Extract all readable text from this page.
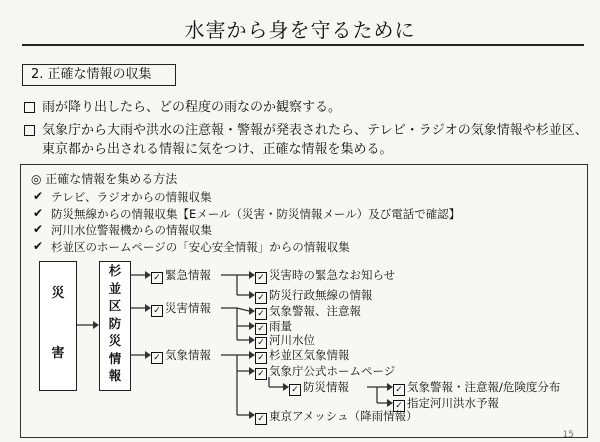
水害から身を守るために
2. 正確な情報の収集
雨が降り出したら、どの程度の雨なのか観察する。
気象庁から大雨や洪水の注意報・警報が発表されたら、テレビ・ラジオの気象情報や杉並区、東京都から出される情報に気をつけ、正確な情報を集める。
◎ 正確な情報を集める方法
✔ テレビ、ラジオからの情報収集
✔ 防災無線からの情報収集【Eメール（災害・防災情報メール）及び電話で確認】
✔ 河川水位警報機からの情報収集
✔ 杉並区のホームページの「安心安全情報」からの情報収集
災
害
杉
並
区
防
災
情
報
✓ 緊急情報
✓ 災害情報
✓ 気象情報
✓ 災害時の緊急なお知らせ
✓ 防災行政無線の情報
✓ 気象警報、注意報
✓ 雨量
✓ 河川水位
✓ 杉並区気象情報
✓ 気象庁公式ホームページ
✓ 防災情報	✓ 気象警報・注意報/危険度分布
✓ 指定河川洪水予報
✓ 東京アメッシュ（降雨情報）
15
